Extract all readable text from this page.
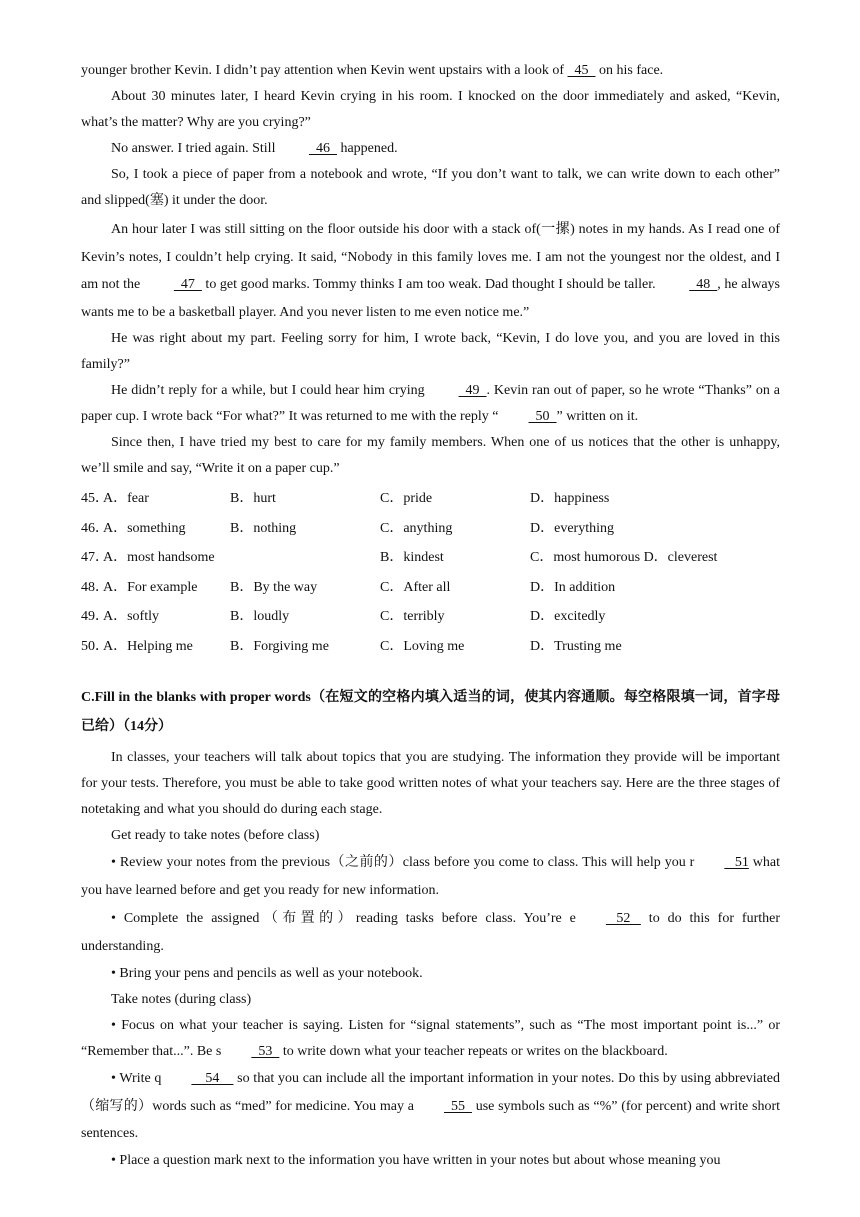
younger brother Kevin. I didn’t pay attention when Kevin went upstairs with a look of   45   on his face.

About 30 minutes later, I heard Kevin crying in his room. I knocked on the door immediately and asked, “Kevin, what’s the matter? Why are you crying?”

No answer. I tried again. Still   46   happened.

So, I took a piece of paper from a notebook and wrote, “If you don’t want to talk, we can write down to each other” and slipped(塞) it under the door.

An hour later I was still sitting on the floor outside his door with a stack of(一摞) notes in my hands. As I read one of Kevin’s notes, I couldn’t help crying. It said, “Nobody in this family loves me. I am not the youngest nor the oldest, and I am not the   47   to get good marks. Tommy thinks I am too weak. Dad thought I should be taller.   48  , he always wants me to be a basketball player. And you never listen to me even notice me.”

He was right about my part. Feeling sorry for him, I wrote back, “Kevin, I do love you, and you are loved in this family?”

He didn’t reply for a while, but I could hear him crying   49  . Kevin ran out of paper, so he wrote “Thanks” on a paper cup. I wrote back “For what?” It was returned to me with the reply “  50  ” written on it.

Since then, I have tried my best to care for my family members. When one of us notices that the other is unhappy, we’ll smile and say, “Write it on a paper cup.”

45．
A．fear	B．hurt	C．pride	D．happiness
46．
A．something	B．nothing	C．anything	D．everything
47．
A．most handsome	B．kindest	C．most humorous D．cleverest
48．
A．For example B．By the way	C．After all	D．In addition
49．
A．softly	B．loudly	C．terribly	D．excitedly
50．
A．Helping me	B．Forgiving me	C．Loving me	D．Trusting me

C.Fill in the blanks with proper words（在短文的空格内填入适当的词，使其内容通顺。每空格限填一词，首字母已给）（14分）

In classes, your teachers will talk about topics that you are studying. The information they provide will be important for your tests. Therefore, you must be able to take good written notes of what your teachers say. Here are the three stages of notetaking and what you should do during each stage.

Get ready to take notes (before class)

• Review your notes from the previous（之前的）class before you come to class. This will help you r   51 what you have learned before and get you ready for new information.

• Complete the assigned（布置的）reading tasks before class. You’re e   52    to do this for further understanding.

• Bring your pens and pencils as well as your notebook.

Take notes (during class)

• Focus on what your teacher is saying. Listen for “signal statements”, such as “The most important point is...” or “Remember that...”. Be s  53   to write down what your teacher repeats or writes on the blackboard.

• Write q    54     so that you can include all the important information in your notes. Do this by using abbreviated（缩写的）words such as “med” for medicine. You may a  55   use symbols such as “%” (for percent) and write short sentences.

• Place a question mark next to the information you have written in your notes but about whose meaning you
